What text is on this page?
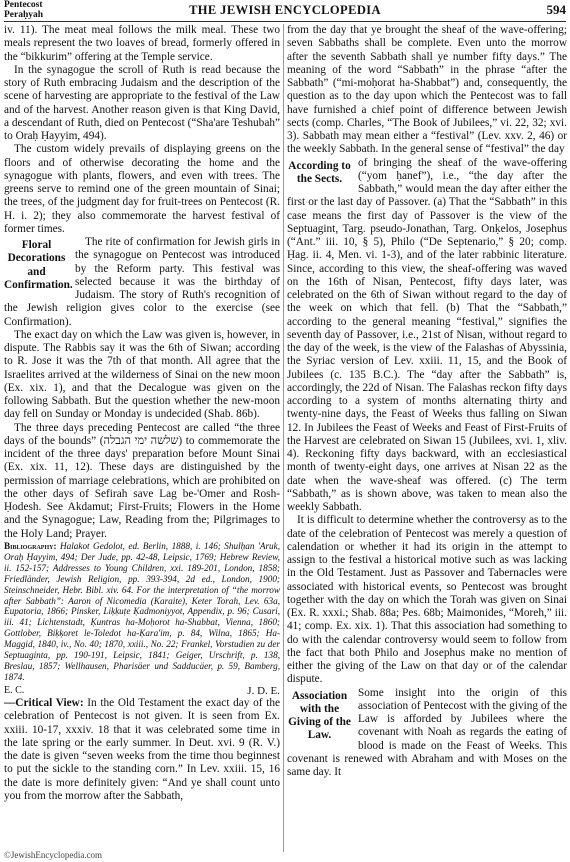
Pentecost
Peraḥyah	THE JEWISH ENCYCLOPEDIA	594

iv. 11). The meat meal follows the milk meal. These two meals represent the two loaves of bread, formerly offered in the “bikkurim” offering at the Temple service.

In the synagogue the scroll of Ruth is read because the story of Ruth embracing Judaism and the description of the scene of harvesting are appropriate to the festival of the Law and of the harvest. Another reason given is that King David, a descendant of Ruth, died on Pentecost (“Sha'are Teshubah” to Oraḥ Ḥayyim, 494).

The custom widely prevails of displaying greens on the floors and of otherwise decorating the home and the synagogue with plants, flowers, and even with trees. The greens serve to remind one of the green mountain of Sinai; the trees, of the judgment day for fruit-trees on Pentecost (R. H. i. 2); they also commemorate the harvest festival of former times.

Floral Decorations and Confirmation.

The rite of confirmation for Jewish girls in the synagogue on Pentecost was introduced by the Reform party. This festival was selected because it was the birthday of Judaism. The story of Ruth's recognition of the Jewish religion gives color to the exercise (see Confirmation).

The exact day on which the Law was given is, however, in dispute. The Rabbis say it was the 6th of Siwan; according to R. Jose it was the 7th of that month. All agree that the Israelites arrived at the wilderness of Sinai on the new moon (Ex. xix. 1), and that the Decalogue was given on the following Sabbath. But the question whether the new-moon day fell on Sunday or Monday is undecided (Shab. 86b).

The three days preceding Pentecost are called “the three days of the bounds” (שלשה ימי הגבלה) to commemorate the incident of the three days' preparation before Mount Sinai (Ex. xix. 11, 12). These days are distinguished by the permission of marriage celebrations, which are prohibited on the other days of Sefirah save Lag be-'Omer and Rosh-Ḥodesh. See Akdamut; First-Fruits; Flowers in the Home and the Synagogue; Law, Reading from the; Pilgrimages to the Holy Land; Prayer.

Bibliography: Halakot Gedolot, ed. Berlin, 1888, i. 146; Shulḥan 'Aruk, Oraḥ Ḥayyim, 494; Der Jude, pp. 42-48, Leipsic, 1769; Hebrew Review, ii. 152-157; Addresses to Young Children, xxi. 189-201, London, 1858; Friedländer, Jewish Religion, pp. 393-394, 2d ed., London, 1900; Steinschneider, Hebr. Bibl. xiv. 64. For the interpretation of “the morrow after Sabbath”: Aaron of Nicomedia (Karaite), Keter Torah, Lev. 63a, Eupatoria, 1866; Pinsker, Liḳḳuṭe Ḳadmoniyyot, Appendix, p. 96; Cusari, iii. 41; Lichtenstadt, Ḳuntras ha-Moḥorot ha-Shabbat, Vienna, 1860; Gottlober, Biḳḳoret le-Toledot ha-Ḳara'im, p. 84, Wilna, 1865; Ha-Maggid, 1840, iv., No. 40; 1870, xxiii., No. 22; Frankel, Vorstudien zu der Septuaginta, pp. 190-191, Leipsic, 1841; Geiger, Urschrift, p. 138, Breslau, 1857; Wellhausen, Pharisäer und Sadducäer, p. 59, Bamberg, 1874.

E. C.	J. D. E.

—Critical View: In the Old Testament the exact day of the celebration of Pentecost is not given. It is seen from Ex. xxiii. 10-17, xxxiv. 18 that it was celebrated some time in the late spring or the early summer. In Deut. xvi. 9 (R. V.) the date is given “seven weeks from the time thou beginnest to put the sickle to the standing corn.” In Lev. xxiii. 15, 16 the date is more definitely given: “And ye shall count unto you from the morrow after the Sabbath,

from the day that ye brought the sheaf of the wave-offering; seven Sabbaths shall be complete. Even unto the morrow after the seventh Sabbath shall ye number fifty days.” The meaning of the word “Sabbath” in the phrase “after the Sabbath” (“mi-moḥorat ha-Shabbat”) and, consequently, the question as to the day upon which the Pentecost was to fall have furnished a chief point of difference between Jewish sects (comp. Charles, “The Book of Jubilees,” vi. 22, 32; xvi. 3). Sabbath may mean either a “festival” (Lev. xxv. 2, 46) or the weekly Sabbath. In the general sense of “festival” the day

According to the Sects.

of bringing the sheaf of the wave-offering (“yom ḥanef”), i.e., “the day after the Sabbath,” would mean the day after either the first or the last day of Passover. (a) That the “Sabbath” in this case means the first day of Passover is the view of the Septuagint, Targ. pseudo-Jonathan, Targ. Onḳelos, Josephus (“Ant.” iii. 10, § 5), Philo (“De Septenario,” § 20; comp. Ḥag. ii. 4, Men. vi. 1-3), and of the later rabbinic literature. Since, according to this view, the sheaf-offering was waved on the 16th of Nisan, Pentecost, fifty days later, was celebrated on the 6th of Siwan without regard to the day of the week on which that fell. (b) That the “Sabbath,” according to the general meaning “festival,” signifies the seventh day of Passover, i.e., 21st of Nisan, without regard to the day of the week, is the view of the Falashas of Abyssinia, the Syriac version of Lev. xxiii. 11, 15, and the Book of Jubilees (c. 135 B.C.). The “day after the Sabbath” is, accordingly, the 22d of Nisan. The Falashas reckon fifty days according to a system of months alternating thirty and twenty-nine days, the Feast of Weeks thus falling on Siwan 12. In Jubilees the Feast of Weeks and Feast of First-Fruits of the Harvest are celebrated on Siwan 15 (Jubilees, xvi. 1, xliv. 4). Reckoning fifty days backward, with an ecclesiastical month of twenty-eight days, one arrives at Nisan 22 as the date when the wave-sheaf was offered. (c) The term “Sabbath,” as is shown above, was taken to mean also the weekly Sabbath.

It is difficult to determine whether the controversy as to the date of the celebration of Pentecost was merely a question of calendation or whether it had its origin in the attempt to assign to the festival a historical motive such as was lacking in the Old Testament. Just as Passover and Tabernacles were associated with historical events, so Pentecost was brought together with the day on which the Torah was given on Sinai (Ex. R. xxxi.; Shab. 88a; Pes. 68b; Maimonides, “Moreh,” iii. 41; comp. Ex. xix. 1). That this association had something to do with the calendar controversy would seem to follow from the fact that both Philo and Josephus make no mention of either the giving of the Law on that day or of the calendar dispute.

Association with the Giving of the Law.

Some insight into the origin of this association of Pentecost with the giving of the Law is afforded by Jubilees where the covenant with Noah as regards the eating of blood is made on the Feast of Weeks. This covenant is renewed with Abraham and with Moses on the same day. It

©JewishEncyclopedia.com
